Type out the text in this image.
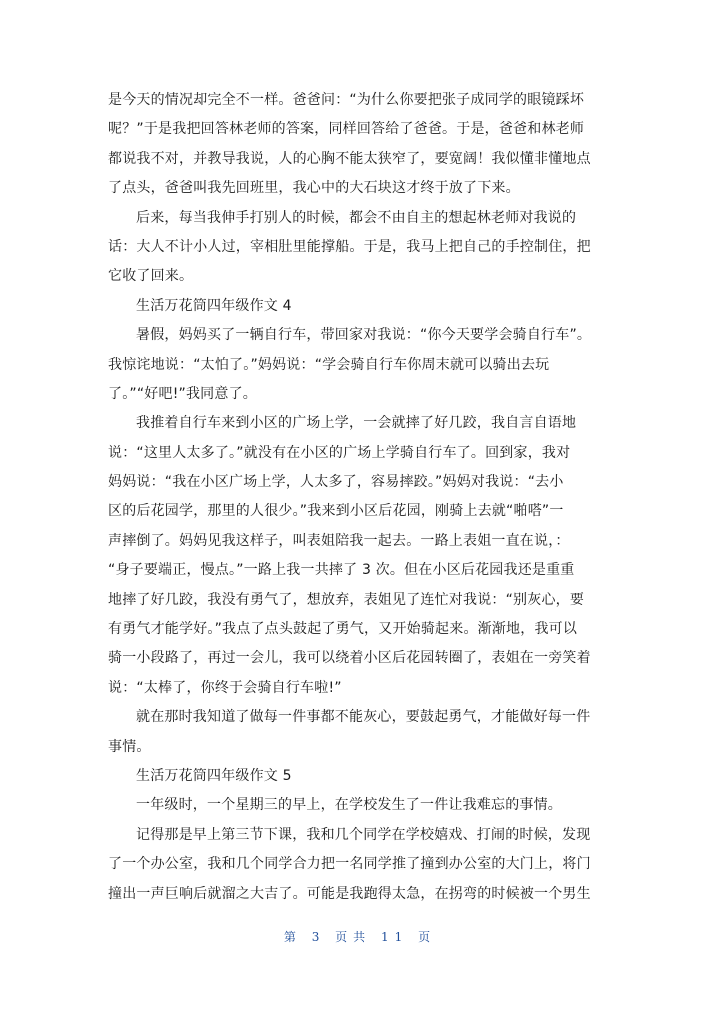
是今天的情况却完全不一样。爸爸问：“为什么你要把张子成同学的眼镜踩坏
呢？”于是我把回答林老师的答案，同样回答给了爸爸。于是，爸爸和林老师
都说我不对，并教导我说，人的心胸不能太狭窄了，要宽阔！我似懂非懂地点
了点头，爸爸叫我先回班里，我心中的大石块这才终于放了下来。
后来，每当我伸手打别人的时候，都会不由自主的想起林老师对我说的
话：大人不计小人过，宰相肚里能撑船。于是，我马上把自己的手控制住，把
它收了回来。
生活万花筒四年级作文 4
暑假，妈妈买了一辆自行车，带回家对我说：“你今天要学会骑自行车”。
我惊诧地说：“太怕了。”妈妈说：“学会骑自行车你周末就可以骑出去玩
了。”“好吧!”我同意了。
我推着自行车来到小区的广场上学，一会就摔了好几跤，我自言自语地
说：“这里人太多了。”就没有在小区的广场上学骑自行车了。回到家，我对
妈妈说：“我在小区广场上学，人太多了，容易摔跤。”妈妈对我说：“去小
区的后花园学，那里的人很少。”我来到小区后花园，刚骑上去就“啪嗒”一
声摔倒了。妈妈见我这样子，叫表姐陪我一起去。一路上表姐一直在说，：
“身子要端正，慢点。”一路上我一共摔了 3 次。但在小区后花园我还是重重
地摔了好几跤，我没有勇气了，想放弃，表姐见了连忙对我说：“别灰心，要
有勇气才能学好。”我点了点头鼓起了勇气，又开始骑起来。渐渐地，我可以
骑一小段路了，再过一会儿，我可以绕着小区后花园转圈了，表姐在一旁笑着
说：“太棒了，你终于会骑自行车啦!”
就在那时我知道了做每一件事都不能灰心，要鼓起勇气，才能做好每一件
事情。
生活万花筒四年级作文 5
一年级时，一个星期三的早上，在学校发生了一件让我难忘的事情。
记得那是早上第三节下课，我和几个同学在学校嬉戏、打闹的时候，发现
了一个办公室，我和几个同学合力把一名同学推了撞到办公室的大门上，将门
撞出一声巨响后就溜之大吉了。可能是我跑得太急，在拐弯的时候被一个男生
第 3 页共 11 页
